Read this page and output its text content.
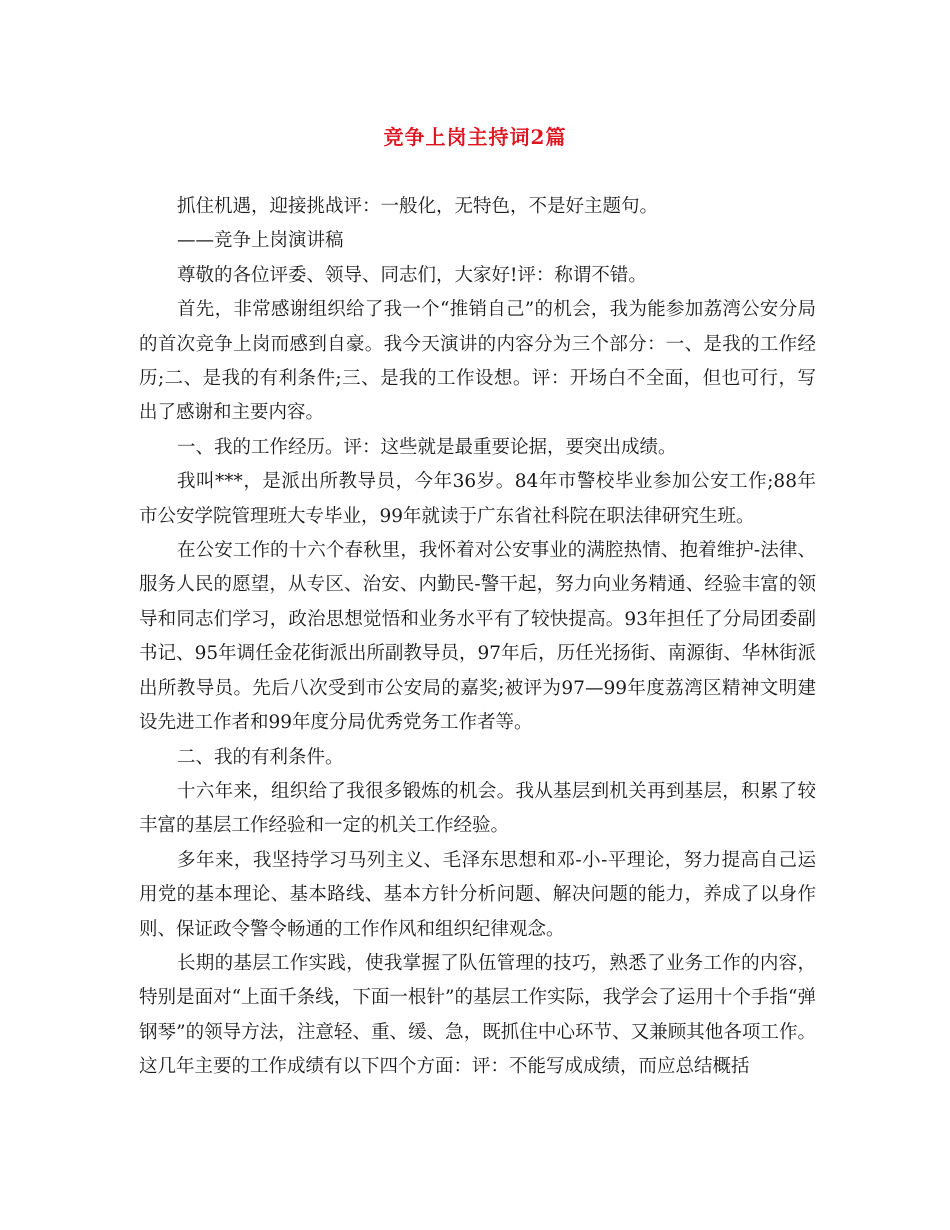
竞争上岗主持词2篇

抓住机遇，迎接挑战评：一般化，无特色，不是好主题句。

——竞争上岗演讲稿

尊敬的各位评委、领导、同志们，大家好!评：称谓不错。

首先，非常感谢组织给了我一个“推销自己”的机会，我为能参加荔湾公安分局的首次竞争上岗而感到自豪。我今天演讲的内容分为三个部分：一、是我的工作经历;二、是我的有利条件;三、是我的工作设想。评：开场白不全面，但也可行，写出了感谢和主要内容。

一、我的工作经历。评：这些就是最重要论据，要突出成绩。

我叫***，是派出所教导员，今年36岁。84年市警校毕业参加公安工作;88年市公安学院管理班大专毕业，99年就读于广东省社科院在职法律研究生班。

在公安工作的十六个春秋里，我怀着对公安事业的满腔热情、抱着维护-法律、服务人民的愿望，从专区、治安、内勤民-警干起，努力向业务精通、经验丰富的领导和同志们学习，政治思想觉悟和业务水平有了较快提高。93年担任了分局团委副书记、95年调任金花街派出所副教导员，97年后，历任光扬街、南源街、华林街派出所教导员。先后八次受到市公安局的嘉奖;被评为97—99年度荔湾区精神文明建设先进工作者和99年度分局优秀党务工作者等。

二、我的有利条件。

十六年来，组织给了我很多锻炼的机会。我从基层到机关再到基层，积累了较丰富的基层工作经验和一定的机关工作经验。

多年来，我坚持学习马列主义、毛泽东思想和邓-小-平理论，努力提高自己运用党的基本理论、基本路线、基本方针分析问题、解决问题的能力，养成了以身作则、保证政令警令畅通的工作作风和组织纪律观念。

长期的基层工作实践，使我掌握了队伍管理的技巧，熟悉了业务工作的内容，特别是面对“上面千条线，下面一根针”的基层工作实际，我学会了运用十个手指“弹钢琴”的领导方法，注意轻、重、缓、急，既抓住中心环节、又兼顾其他各项工作。这几年主要的工作成绩有以下四个方面：评：不能写成成绩，而应总结概括
